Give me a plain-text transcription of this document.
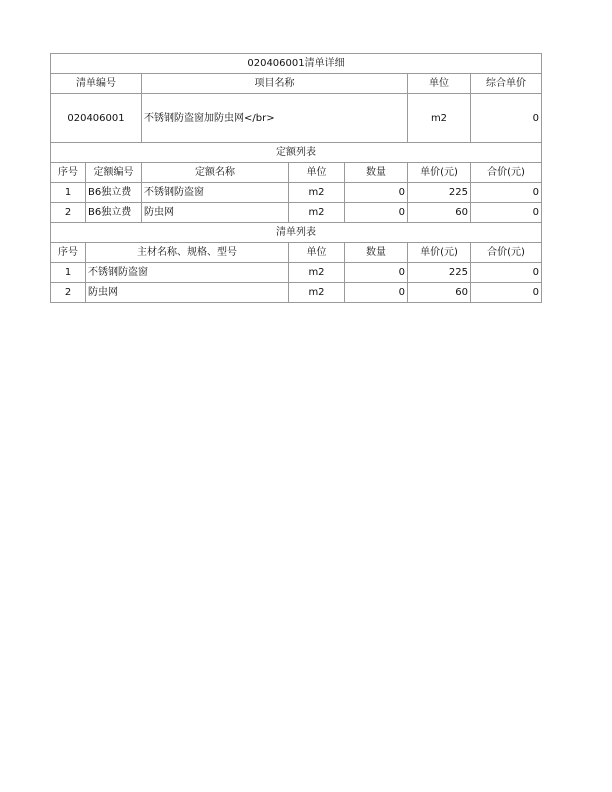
020406001清单详细						
清单编号		项目名称			单位	综合单价
020406001		不锈钢防盗窗加防虫网</br>			m2	0
定额列表						
序号	定额编号	定额名称	单位	数量	单价(元)	合价(元)
1	B6独立费	不锈钢防盗窗	m2	0	225	0
2	B6独立费	防虫网	m2	0	60	0
清单列表						
序号	主材名称、规格、型号		单位	数量	单价(元)	合价(元)
1	不锈钢防盗窗		m2	0	225	0
2	防虫网		m2	0	60	0
